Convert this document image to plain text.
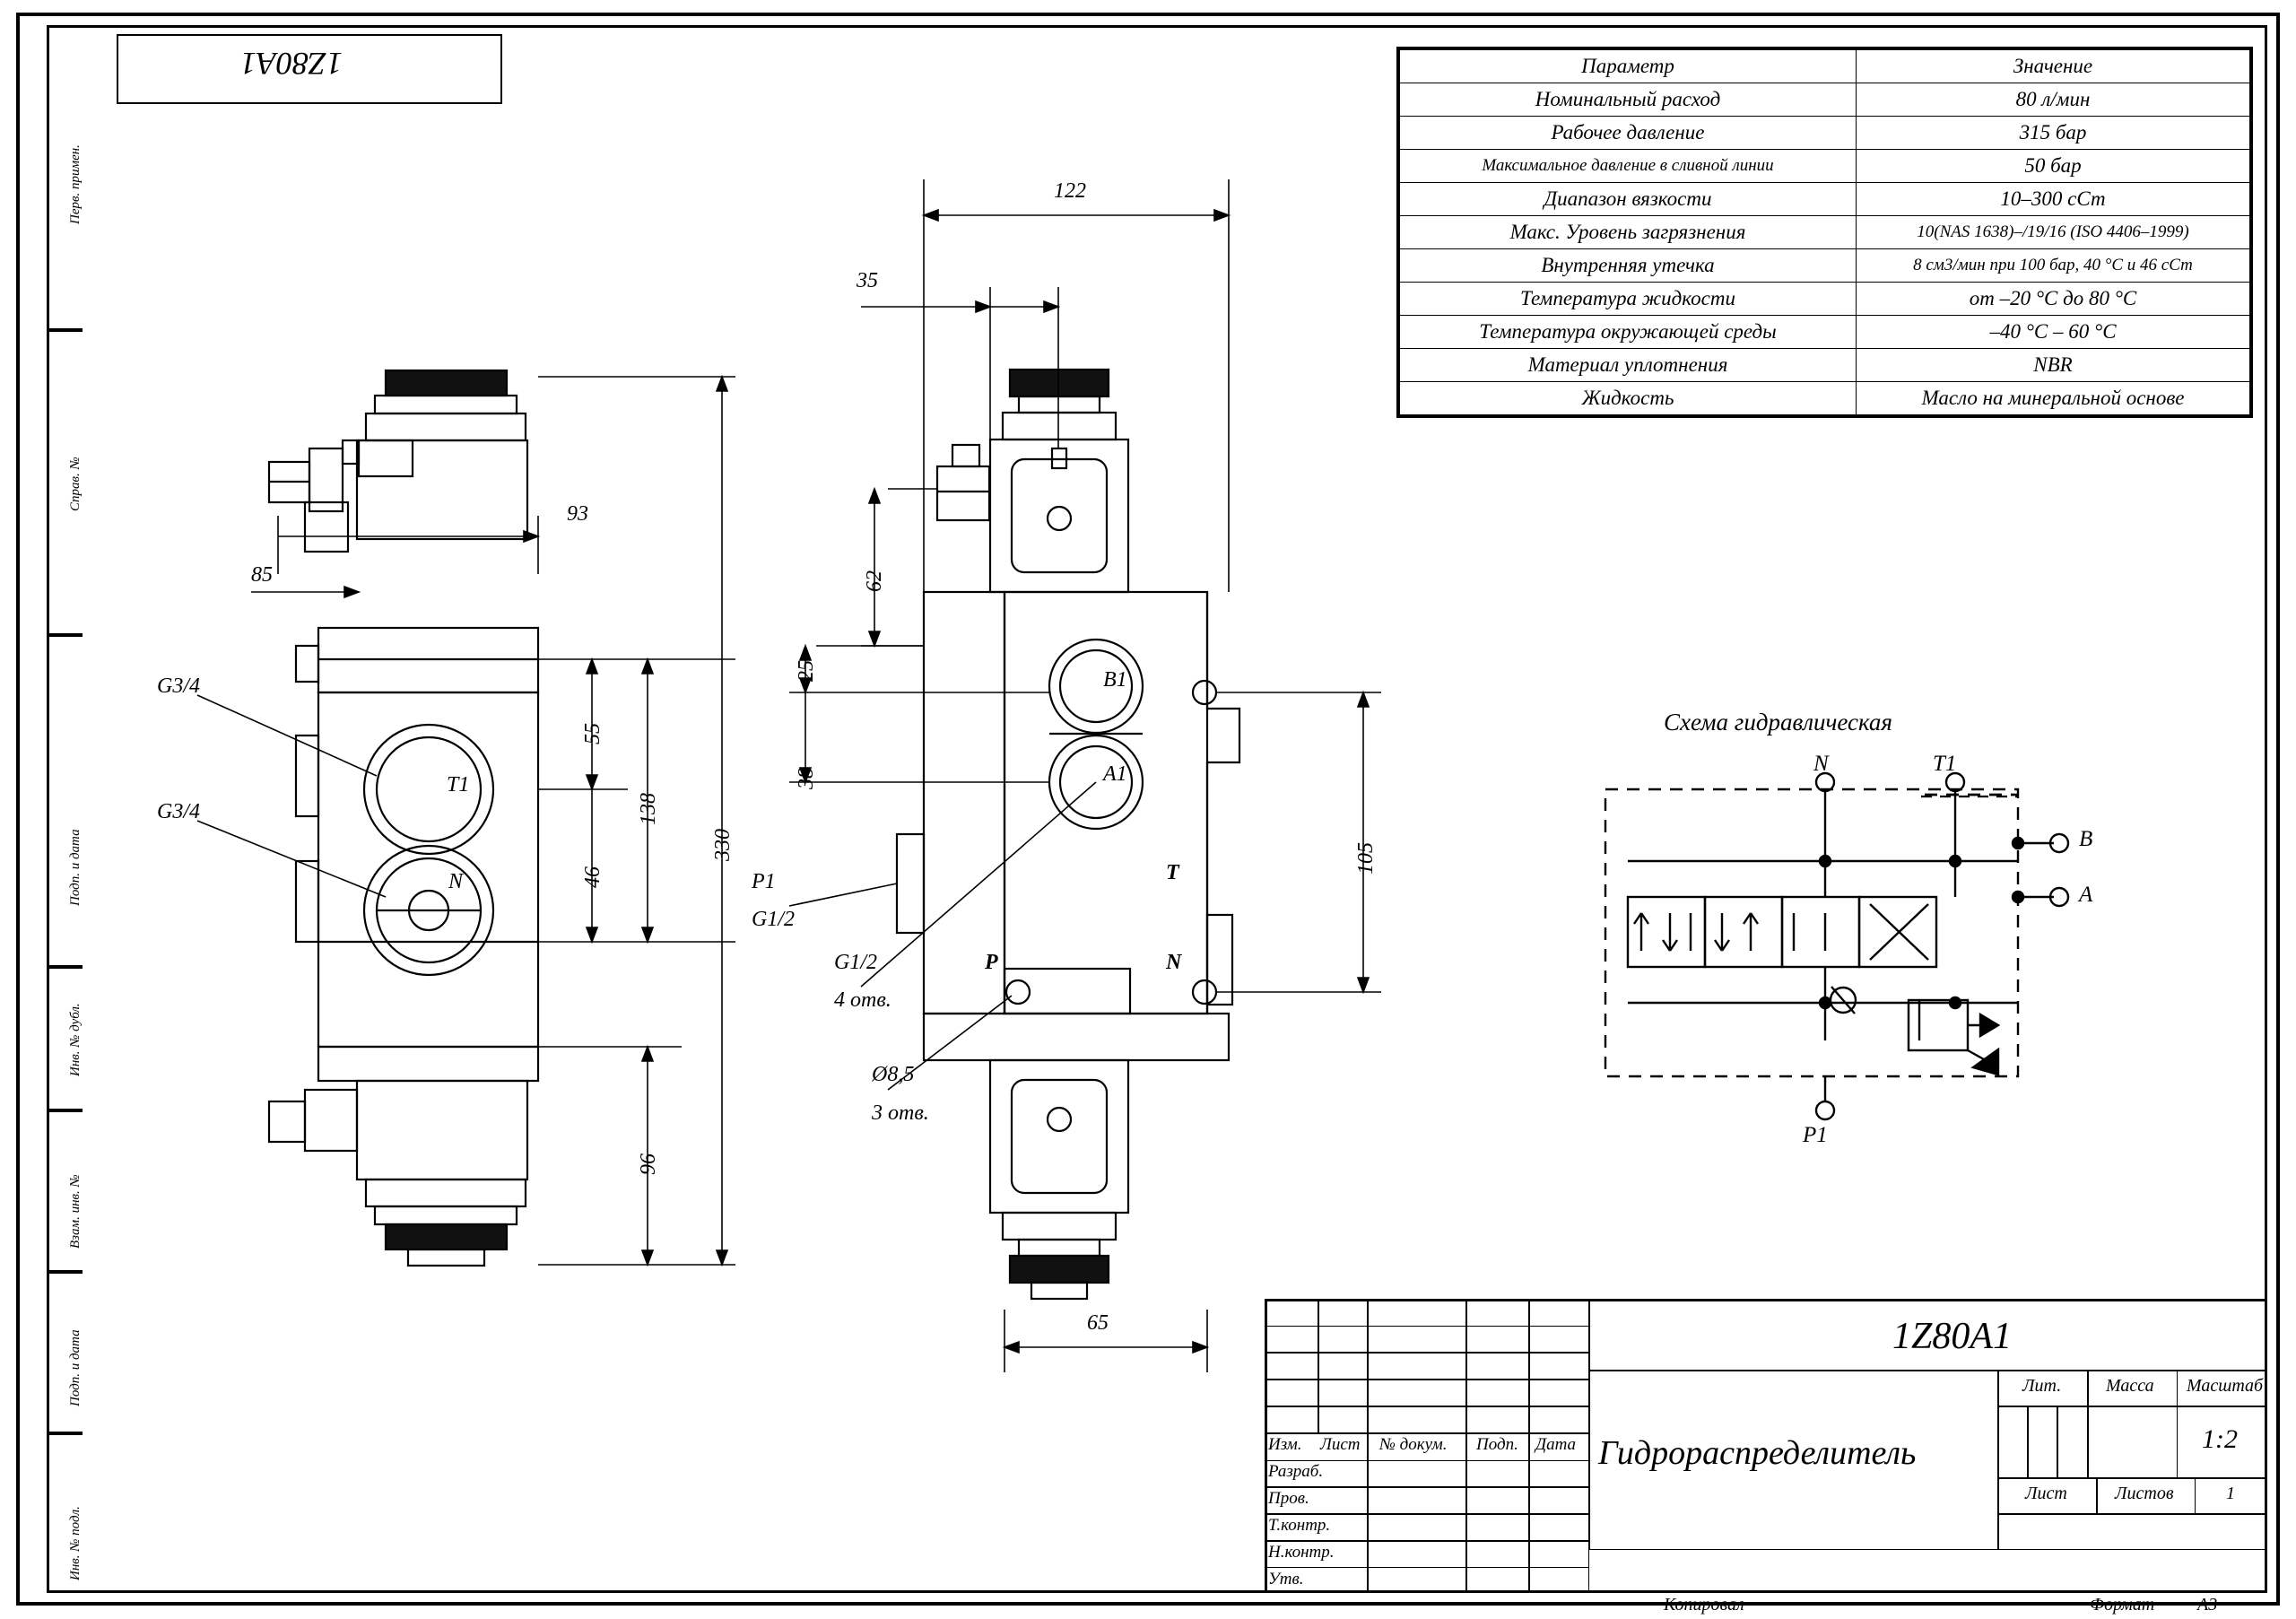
Перв. примен.
Справ. №
Подп. и дата
Инв. № дубл.
Взам. инв. №
Подп. и дата
Инв. № подл.
1Z80A1
93
85
55
46
138
330
96
G3/4
G3/4
T1
N
122
35
62
25
38
105
65
B1
A1
T
P	N
P1
G1/2
G1/2
4 отв.
Ø8,5
3 отв.
Параметр	Значение
Номинальный расход	80 л/мин
Рабочее давление	315 бар
Максимальное давление в сливной линии	50 бар
Диапазон вязкости	10–300 сСт
Макс. Уровень загрязнения	10(NAS 1638)–/19/16 (ISO 4406–1999)
Внутренняя утечка	8 см3/мин при 100 бар, 40 °С и 46 сСт
Температура жидкости	от –20 °С до 80 °С
Температура окружающей среды	–40 °С – 60 °С
Материал уплотнения	NBR
Жидкость	Масло на минеральной основе
Схема гидравлическая
N	T1
B
A
P1
1Z80A1
Лит. Масса Масштаб
1:2
Гидрораспределитель
Лист	Листов	1
Изм. Лист № докум. Подп. Дата
Разраб.
Пров.
Т.контр.
Н.контр.
Утв.
Копировал	Формат А3
